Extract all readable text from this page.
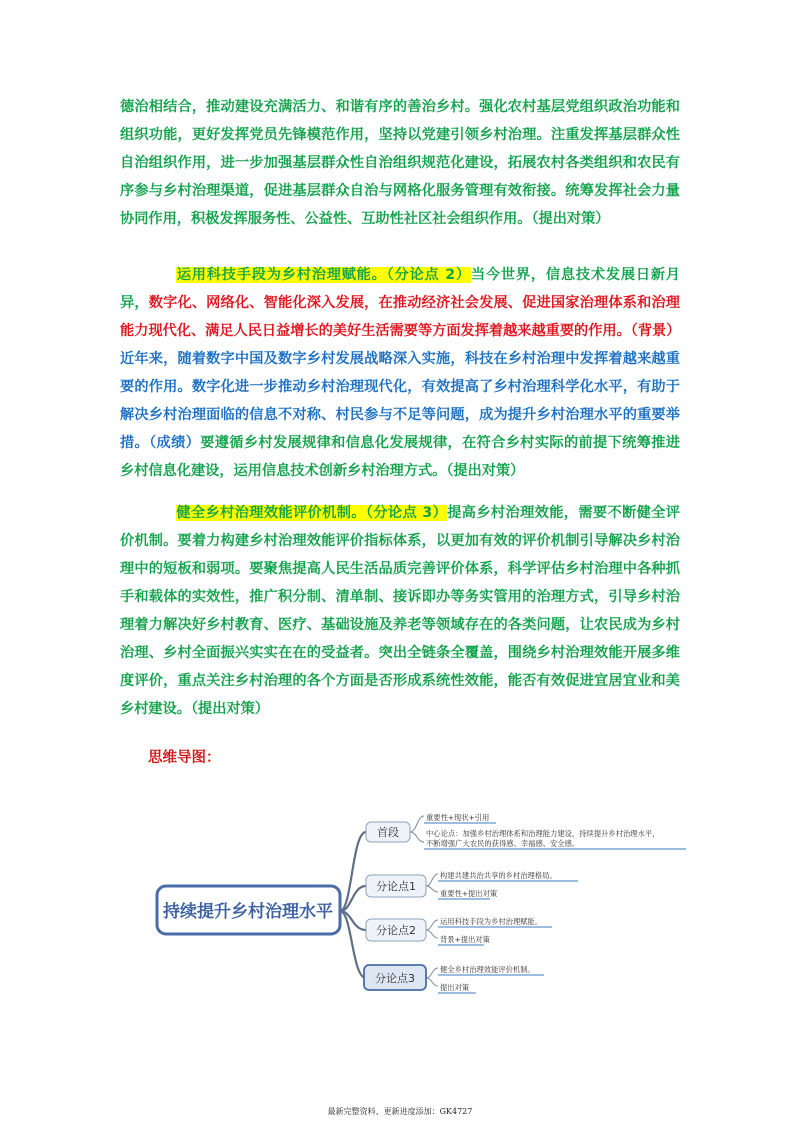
德治相结合，推动建设充满活力、和谐有序的善治乡村。强化农村基层党组织政治功能和组织功能，更好发挥党员先锋模范作用，坚持以党建引领乡村治理。注重发挥基层群众性自治组织作用，进一步加强基层群众性自治组织规范化建设，拓展农村各类组织和农民有序参与乡村治理渠道，促进基层群众自治与网格化服务管理有效衔接。统筹发挥社会力量协同作用，积极发挥服务性、公益性、互助性社区社会组织作用。（提出对策）

运用科技手段为乡村治理赋能。（分论点 2）当今世界，信息技术发展日新月异，数字化、网络化、智能化深入发展，在推动经济社会发展、促进国家治理体系和治理能力现代化、满足人民日益增长的美好生活需要等方面发挥着越来越重要的作用。（背景）近年来，随着数字中国及数字乡村发展战略深入实施，科技在乡村治理中发挥着越来越重要的作用。数字化进一步推动乡村治理现代化，有效提高了乡村治理科学化水平，有助于解决乡村治理面临的信息不对称、村民参与不足等问题，成为提升乡村治理水平的重要举措。（成绩）要遵循乡村发展规律和信息化发展规律，在符合乡村实际的前提下统筹推进乡村信息化建设，运用信息技术创新乡村治理方式。（提出对策）

健全乡村治理效能评价机制。（分论点 3）提高乡村治理效能，需要不断健全评价机制。要着力构建乡村治理效能评价指标体系，以更加有效的评价机制引导解决乡村治理中的短板和弱项。要聚焦提高人民生活品质完善评价体系，科学评估乡村治理中各种抓手和载体的实效性，推广积分制、清单制、接诉即办等务实管用的治理方式，引导乡村治理着力解决好乡村教育、医疗、基础设施及养老等领域存在的各类问题，让农民成为乡村治理、乡村全面振兴实实在在的受益者。突出全链条全覆盖，围绕乡村治理效能开展多维度评价，重点关注乡村治理的各个方面是否形成系统性效能，能否有效促进宜居宜业和美乡村建设。（提出对策）

思维导图：
持续提升乡村治理水平
首段
分论点1
分论点2
分论点3
重要性+现状+引用
中心论点：加强乡村治理体系和治理能力建设，持续提升乡村治理水平，
不断增强广大农民的获得感、幸福感、安全感。
构建共建共治共享的乡村治理格局。
重要性+提出对策
运用科技手段为乡村治理赋能。
背景+提出对策
健全乡村治理效能评价机制。
提出对策
最新完整资料、更新进度添加：GK4727
